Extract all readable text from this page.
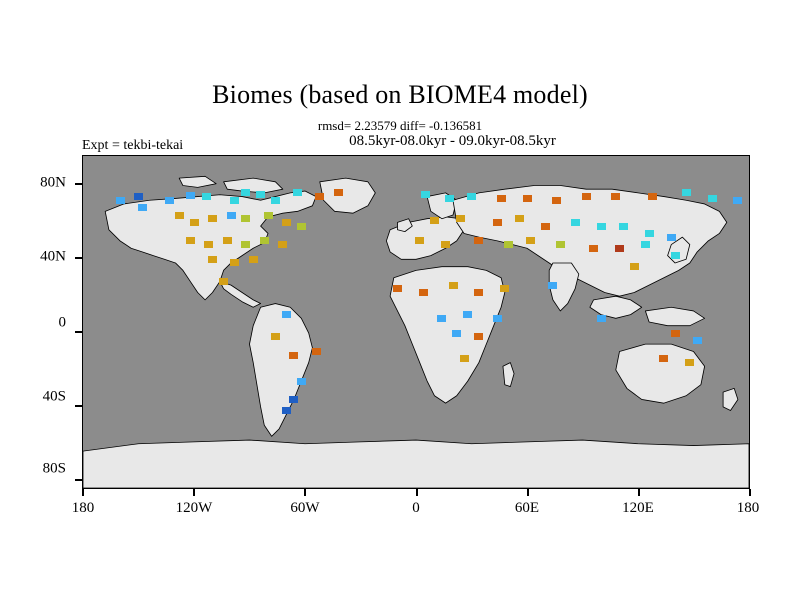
Biomes (based on BIOME4 model)
rmsd= 2.23579 diff= -0.136581
08.5kyr-08.0kyr - 09.0kyr-08.5kyr
Expt = tekbi-tekai
80N
40N
0
40S
80S
180	120W	60W	0	60E	120E	180
